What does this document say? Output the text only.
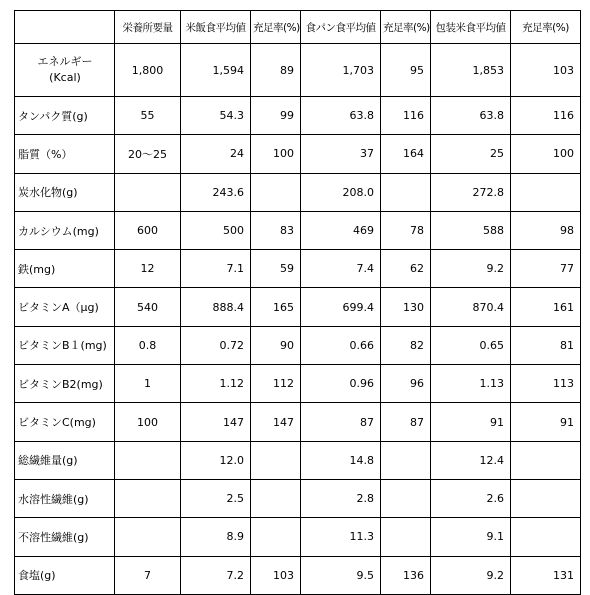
	栄養所要量	米飯食平均値	充足率(%)	食パン食平均値	充足率(%)	包装米食平均値	充足率(%)

エネルギー
(Kcal)	1,800	1,594	89	1,703	95	1,853	103
タンパク質(g)	55	54.3	99	63.8	116	63.8	116
脂質（%）	20～25	24	100	37	164	25	100
炭水化物(g)		243.6		208.0		272.8	
カルシウム(mg)	600	500	83	469	78	588	98
鉄(mg)	12	7.1	59	7.4	62	9.2	77
ビタミンA（μg)	540	888.4	165	699.4	130	870.4	161
ビタミンB１(mg)	0.8	0.72	90	0.66	82	0.65	81
ビタミンB2(mg)	1	1.12	112	0.96	96	1.13	113
ビタミンC(mg)	100	147	147	87	87	91	91
総繊維量(g)		12.0		14.8		12.4	
水溶性繊維(g)		2.5		2.8		2.6	
不溶性繊維(g)		8.9		11.3		9.1	
食塩(g)	7	7.2	103	9.5	136	9.2	131
